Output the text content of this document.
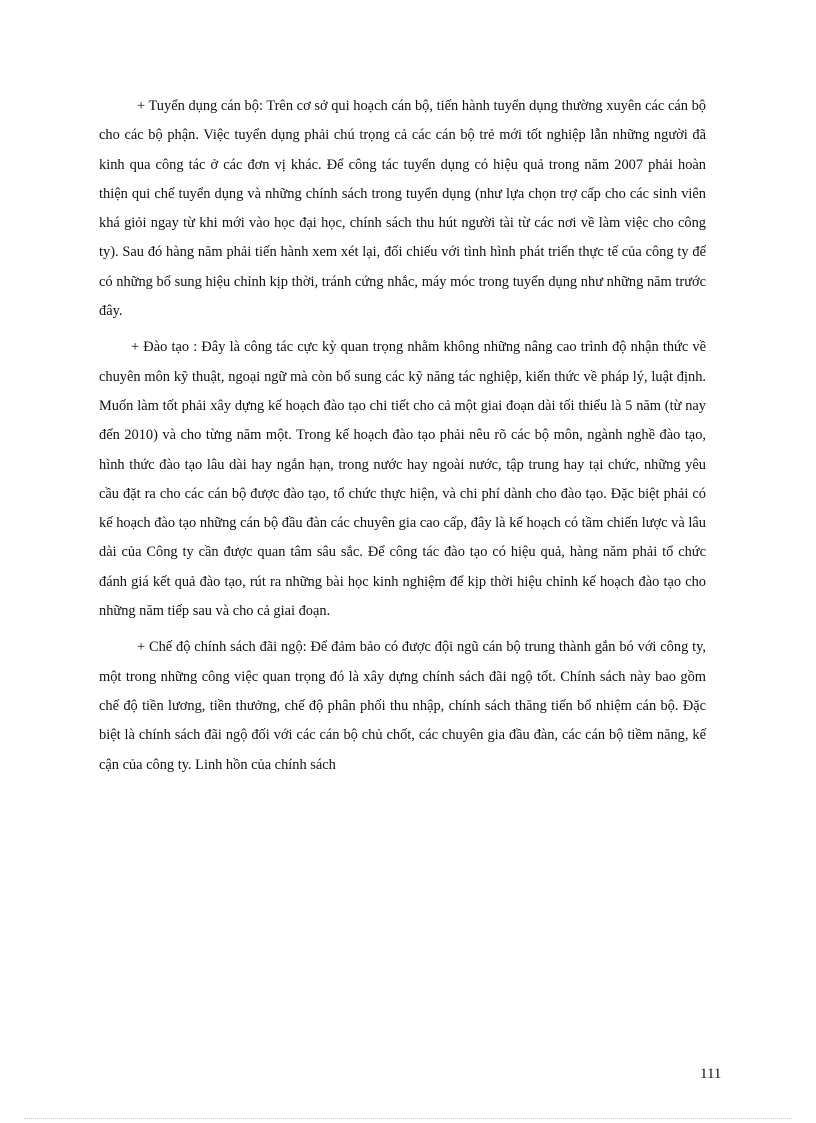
+ Tuyển dụng cán bộ: Trên cơ sở qui hoạch cán bộ, tiến hành tuyển dụng thường xuyên các cán bộ cho các bộ phận. Việc tuyển dụng phải chú trọng cả các cán bộ trẻ mới tốt nghiệp lẫn những người đã kinh qua công tác ở các đơn vị khác. Để công tác tuyển dụng có hiệu quả trong năm 2007 phải hoàn thiện qui chế tuyển dụng và những chính sách trong tuyển dụng (như lựa chọn trợ cấp cho các sinh viên khá giỏi ngay từ khi mới vào học đại học, chính sách thu hút người tài từ các nơi về làm việc cho công ty). Sau đó hàng năm phải tiến hành xem xét lại, đối chiếu với tình hình phát triển thực tế của công ty để có những bổ sung hiệu chỉnh kịp thời, tránh cứng nhắc, máy móc trong tuyển dụng như những năm trước đây.

+ Đào tạo : Đây là công tác cực kỳ quan trọng nhằm không những nâng cao trình độ nhận thức về chuyên môn kỹ thuật, ngoại ngữ mà còn bổ sung các kỹ năng tác nghiệp, kiến thức về pháp lý, luật định. Muốn làm tốt phải xây dựng kế hoạch đào tạo chi tiết cho cả một giai đoạn dài tối thiểu là 5 năm (từ nay đến 2010) và cho từng năm một. Trong kế hoạch đào tạo phải nêu rõ các bộ môn, ngành nghề đào tạo, hình thức đào tạo lâu dài hay ngắn hạn, trong nước hay ngoài nước, tập trung hay tại chức, những yêu cầu đặt ra cho các cán bộ được đào tạo, tổ chức thực hiện, và chi phí dành cho đào tạo. Đặc biệt phải có kế hoạch đào tạo những cán bộ đầu đàn các chuyên gia cao cấp, đây là kế hoạch có tầm chiến lược và lâu dài của Công ty cần được quan tâm sâu sắc. Để công tác đào tạo có hiệu quả, hàng năm phải tổ chức đánh giá kết quả đào tạo, rút ra những bài học kinh nghiệm để kịp thời hiệu chỉnh kế hoạch đào tạo cho những năm tiếp sau và cho cả giai đoạn.

+ Chế độ chính sách đãi ngộ: Để đảm bảo có được đội ngũ cán bộ trung thành gắn bó với công ty, một trong những công việc quan trọng đó là xây dựng chính sách đãi ngộ tốt. Chính sách này bao gồm chế độ tiền lương, tiền thưởng, chế độ phân phối thu nhập, chính sách thăng tiến bổ nhiệm cán bộ. Đặc biệt là chính sách đãi ngộ đối với các cán bộ chủ chốt, các chuyên gia đầu đàn, các cán bộ tiềm năng, kế cận của công ty. Linh hồn của chính sách

111
